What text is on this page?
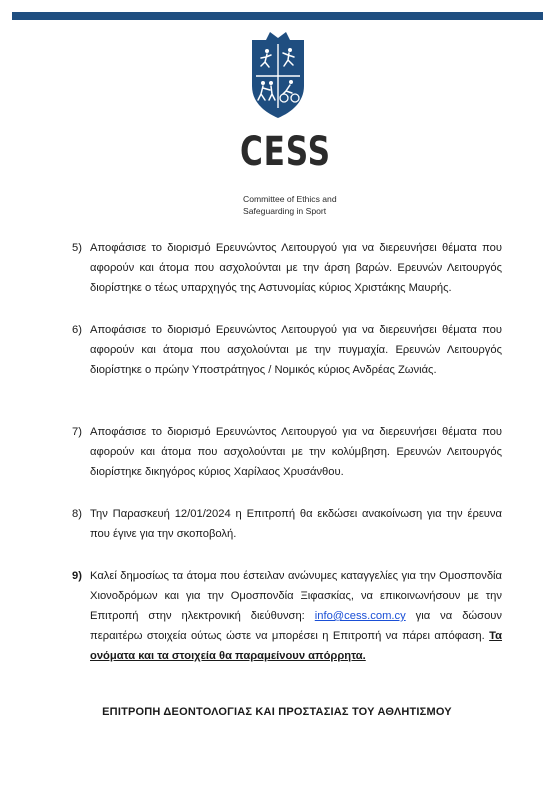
CESS
Committee of Ethics and
Safeguarding in Sport
5) Αποφάσισε το διορισμό Ερευνώντος Λειτουργού για να διερευνήσει θέματα που αφορούν και άτομα που ασχολούνται με την άρση βαρών. Ερευνών Λειτουργός διορίστηκε ο τέως υπαρχηγός της Αστυνομίας κύριος Χριστάκης Μαυρής.
6) Αποφάσισε το διορισμό Ερευνώντος Λειτουργού για να διερευνήσει θέματα που αφορούν και άτομα που ασχολούνται με την πυγμαχία. Ερευνών Λειτουργός διορίστηκε ο πρώην Υποστράτηγος / Νομικός κύριος Ανδρέας Ζωνιάς.
7) Αποφάσισε το διορισμό Ερευνώντος Λειτουργού για να διερευνήσει θέματα που αφορούν και άτομα που ασχολούνται με την κολύμβηση. Ερευνών Λειτουργός διορίστηκε δικηγόρος κύριος Χαρίλαος Χρυσάνθου.
8) Την Παρασκευή 12/01/2024 η Επιτροπή θα εκδώσει ανακοίνωση για την έρευνα που έγινε για την σκοποβολή.
9) Καλεί δημοσίως τα άτομα που έστειλαν ανώνυμες καταγγελίες για την Ομοσπονδία Χιονοδρόμων και για την Ομοσπονδία Ξιφασκίας, να επικοινωνήσουν με την Επιτροπή στην ηλεκτρονική διεύθυνση: info@cess.com.cy για να δώσουν περαιτέρω στοιχεία ούτως ώστε να μπορέσει η Επιτροπή να πάρει απόφαση. Τα ονόματα και τα στοιχεία θα παραμείνουν απόρρητα.
ΕΠΙΤΡΟΠΗ ΔΕΟΝΤΟΛΟΓΙΑΣ ΚΑΙ ΠΡΟΣΤΑΣΙΑΣ ΤΟΥ ΑΘΛΗΤΙΣΜΟΥ
